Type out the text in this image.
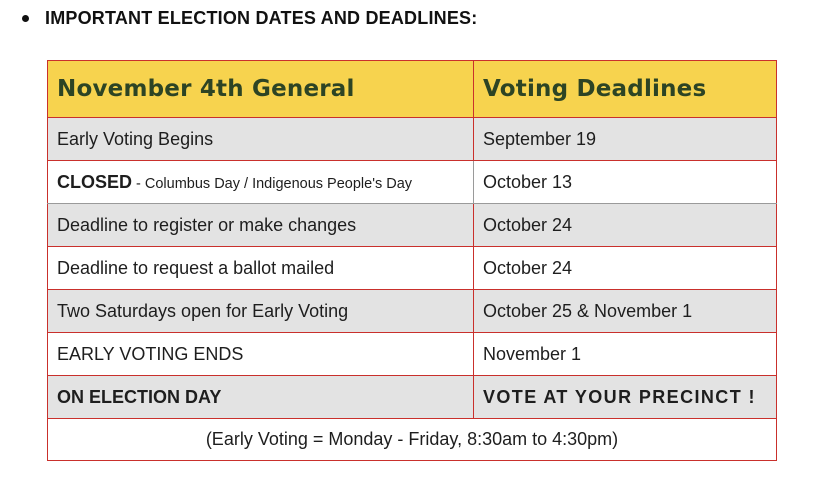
IMPORTANT ELECTION DATES AND DEADLINES:
November 4th General	Voting Deadlines
Early Voting Begins	September 19
CLOSED - Columbus Day / Indigenous People's Day	October 13
Deadline to register or make changes	October 24
Deadline to request a ballot mailed	October 24
Two Saturdays open for Early Voting	October 25 & November 1
EARLY VOTING ENDS	November 1
ON ELECTION DAY	VOTE AT YOUR PRECINCT !
(Early Voting = Monday - Friday, 8:30am to 4:30pm)	
